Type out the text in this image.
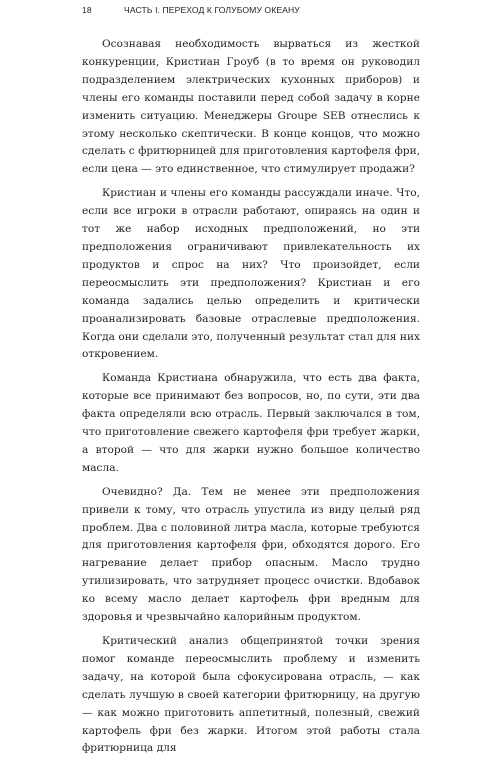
18	ЧАСТЬ I. ПЕРЕХОД К ГОЛУБОМУ ОКЕАНУ

Осознавая необходимость вырваться из жесткой конкуренции, Кристиан Гроуб (в то время он руководил подразделением электрических кухонных приборов) и члены его команды поставили перед собой задачу в корне изменить ситуацию. Менеджеры Groupe SEB отнеслись к этому несколько скептически. В конце концов, что можно сделать с фритюрницей для приготовления картофеля фри, если цена — это единственное, что стимулирует продажи?

Кристиан и члены его команды рассуждали иначе. Что, если все игроки в отрасли работают, опираясь на один и тот же набор исходных предположений, но эти предположения ограничивают привлекательность их продуктов и спрос на них? Что произойдет, если переосмыслить эти предположения? Кристиан и его команда задались целью определить и критически проанализировать базовые отраслевые предположения. Когда они сделали это, полученный результат стал для них откровением.

Команда Кристиана обнаружила, что есть два факта, которые все принимают без вопросов, но, по сути, эти два факта определяли всю отрасль. Первый заключался в том, что приготовление свежего картофеля фри требует жарки, а второй — что для жарки нужно большое количество масла.

Очевидно? Да. Тем не менее эти предположения привели к тому, что отрасль упустила из виду целый ряд проблем. Два с половиной литра масла, которые требуются для приготовления картофеля фри, обходятся дорого. Его нагревание делает прибор опасным. Масло трудно утилизировать, что затрудняет процесс очистки. Вдобавок ко всему масло делает картофель фри вредным для здоровья и чрезвычайно калорийным продуктом.

Критический анализ общепринятой точки зрения помог команде переосмыслить проблему и изменить задачу, на которой была сфокусирована отрасль, — как сделать лучшую в своей категории фритюрницу, на другую — как можно приготовить аппетитный, полезный, свежий картофель фри без жарки. Итогом этой работы стала фритюрница для
